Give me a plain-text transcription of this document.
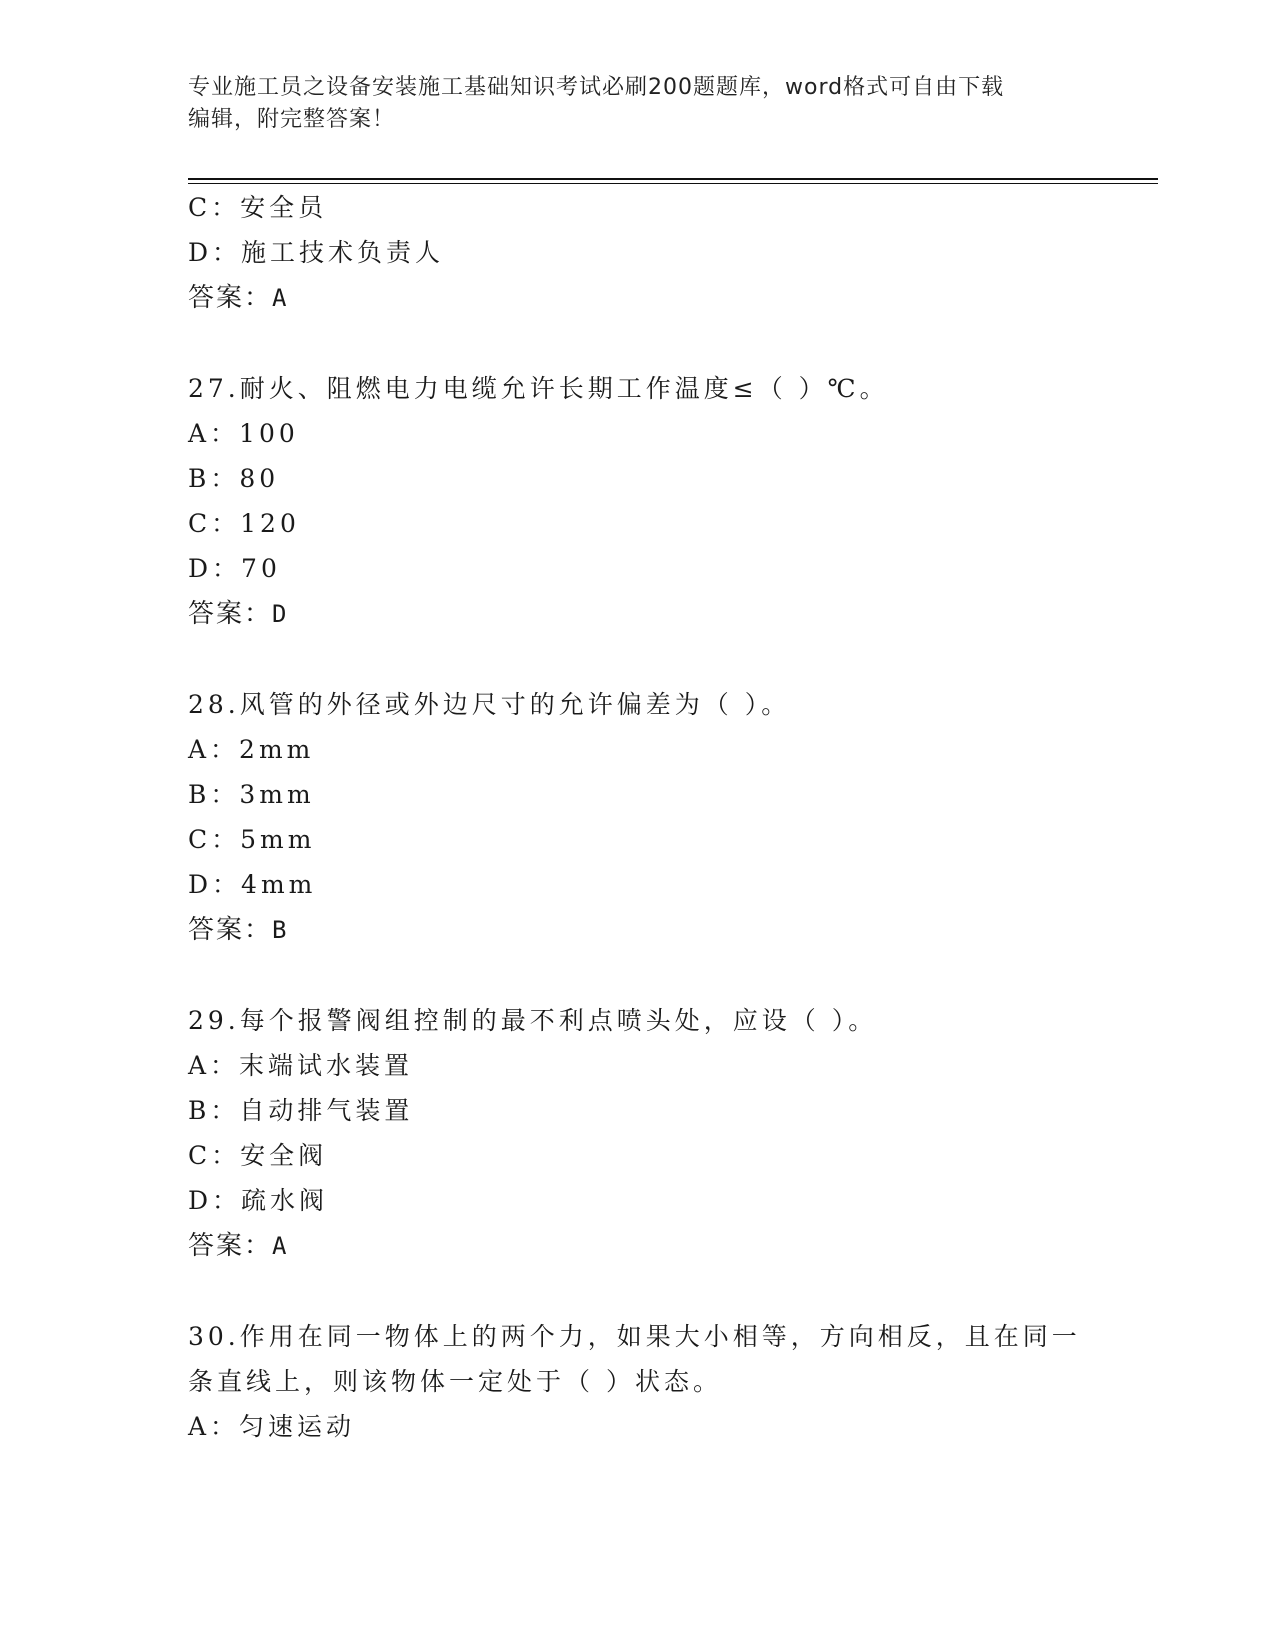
专业施工员之设备安装施工基础知识考试必刷200题题库，word格式可自由下载
编辑，附完整答案！
C：安全员
D：施工技术负责人
答案：A
27.耐火、阻燃电力电缆允许长期工作温度≤（ ）℃。
A：100
B：80
C：120
D：70
答案：D
28.风管的外径或外边尺寸的允许偏差为（ ）。
A：2mm
B：3mm
C：5mm
D：4mm
答案：B
29.每个报警阀组控制的最不利点喷头处，应设（ ）。
A：末端试水装置
B：自动排气装置
C：安全阀
D：疏水阀
答案：A
30.作用在同一物体上的两个力，如果大小相等，方向相反，且在同一
条直线上，则该物体一定处于（ ）状态。
A：匀速运动
